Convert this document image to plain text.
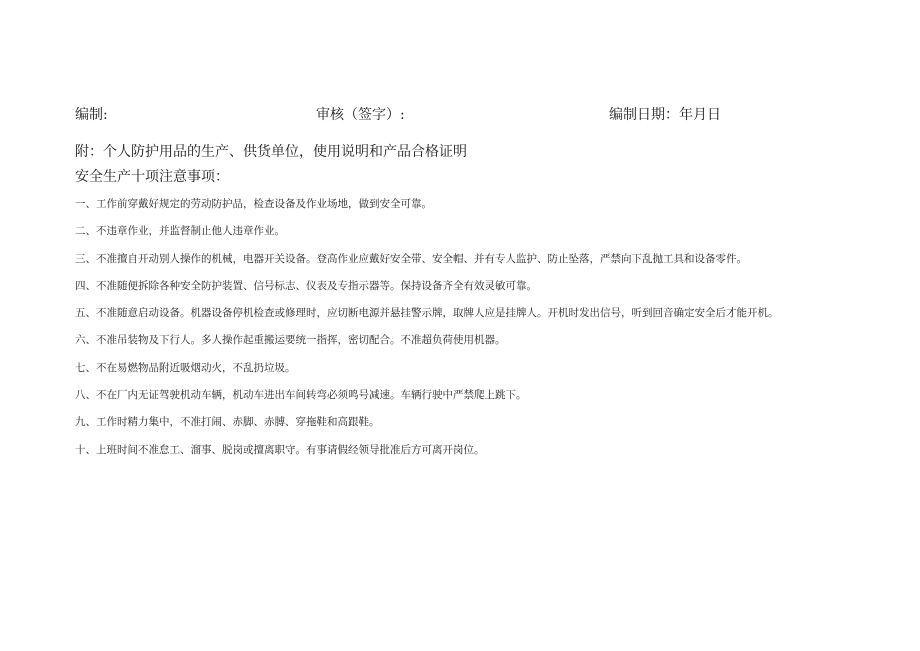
编制:	审核（签字）:	编制日期：年月日
附：个人防护用品的生产、供货单位，使用说明和产品合格证明
安全生产十项注意事项：
一、工作前穿戴好规定的劳动防护品，检查设备及作业场地，做到安全可靠。
二、不违章作业，并监督制止他人违章作业。
三、不准擅自开动别人操作的机械，电器开关设备。登高作业应戴好安全带、安全帽、并有专人监护、防止坠落，严禁向下乱抛工具和设备零件。
四、不准随便拆除各种安全防护装置、信号标志、仪表及专指示器等。保持设备齐全有效灵敏可靠。
五、不准随意启动设备。机器设备停机检查或修理时，应切断电源并悬挂警示牌，取牌人应是挂牌人。开机时发出信号，听到回音确定安全后才能开机。
六、不准吊装物及下行人。多人操作起重搬运要统一指挥，密切配合。不准超负荷使用机器。
七、不在易燃物品附近吸烟动火，不乱扔垃圾。
八、不在厂内无证驾驶机动车辆，机动车进出车间转弯必须鸣号减速。车辆行驶中严禁爬上跳下。
九、工作时精力集中，不准打闹、赤脚、赤膊、穿拖鞋和高跟鞋。
十、上班时间不准怠工、溜事、脱岗或擅离职守。有事请假经领导批准后方可离开岗位。
